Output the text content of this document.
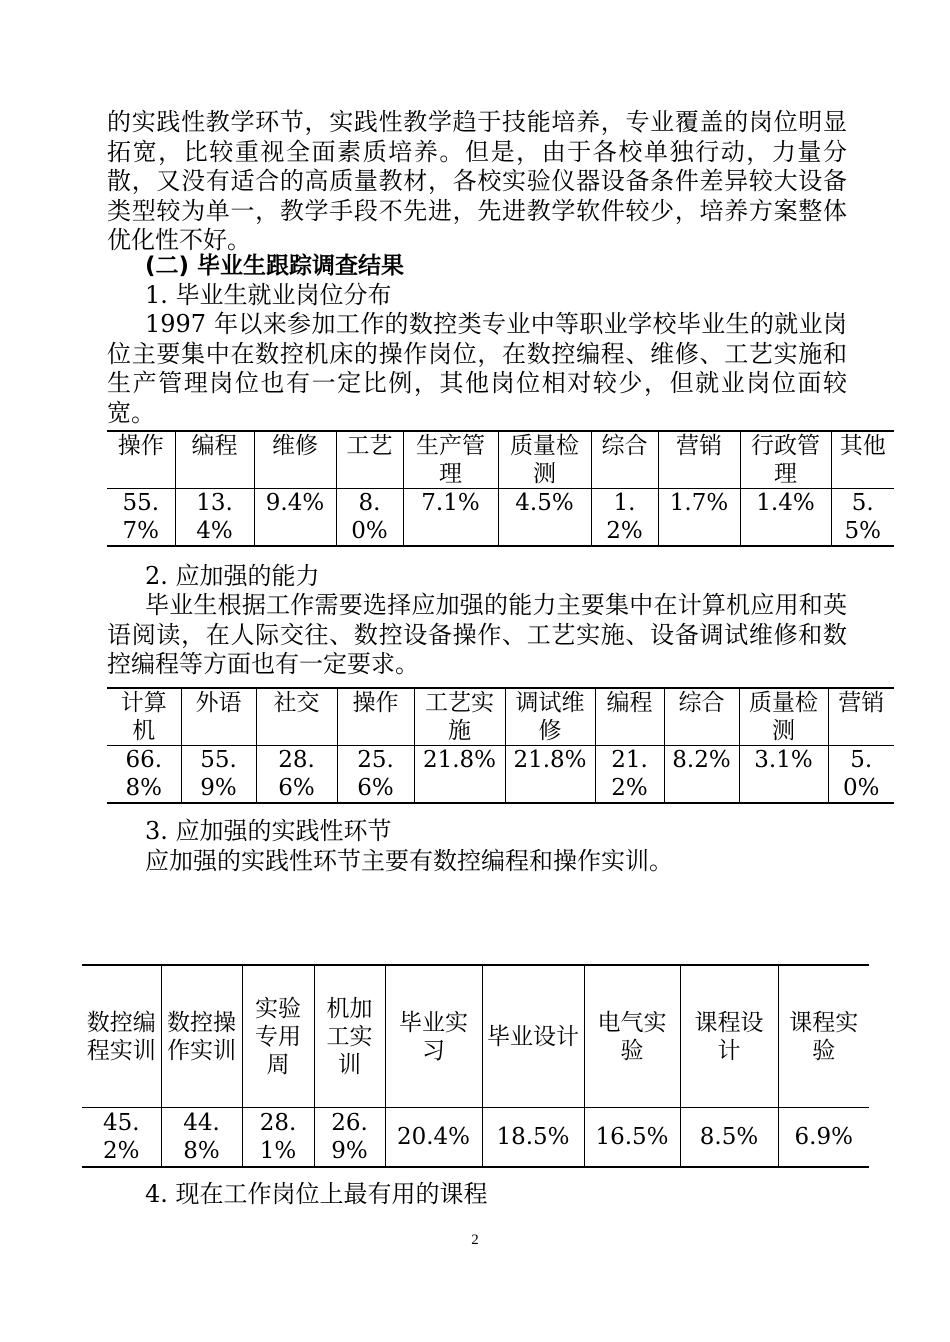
的实践性教学环节，实践性教学趋于技能培养，专业覆盖的岗位明显拓宽，比较重视全面素质培养。但是，由于各校单独行动，力量分散，又没有适合的高质量教材，各校实验仪器设备条件差异较大设备类型较为单一，教学手段不先进，先进教学软件较少，培养方案整体优化性不好。

(二) 毕业生跟踪调查结果

1. 毕业生就业岗位分布

1997 年以来参加工作的数控类专业中等职业学校毕业生的就业岗位主要集中在数控机床的操作岗位，在数控编程、维修、工艺实施和生产管理岗位也有一定比例，其他岗位相对较少，但就业岗位面较宽。

操作	编程	维修	工艺	生产管理	质量检测	综合	营销	行政管理	其他
55.7%	13.4%	9.4%	8.0%	7.1%	4.5%	1.2%	1.7%	1.4%	5.5%

2. 应加强的能力

毕业生根据工作需要选择应加强的能力主要集中在计算机应用和英语阅读，在人际交往、数控设备操作、工艺实施、设备调试维修和数控编程等方面也有一定要求。

计算机	外语	社交	操作	工艺实施	调试维修	编程	综合	质量检测	营销
66.8%	55.9%	28.6%	25.6%	21.8%	21.8%	21.2%	8.2%	3.1%	5.0%

3. 应加强的实践性环节

应加强的实践性环节主要有数控编程和操作实训。

数控编程实训	数控操作实训	实验专用周	机加工实训	毕业实习	毕业设计	电气实验	课程设计	课程实验
45.2%	44.8%	28.1%	26.9%	20.4%	18.5%	16.5%	8.5%	6.9%

4. 现在工作岗位上最有用的课程

2
